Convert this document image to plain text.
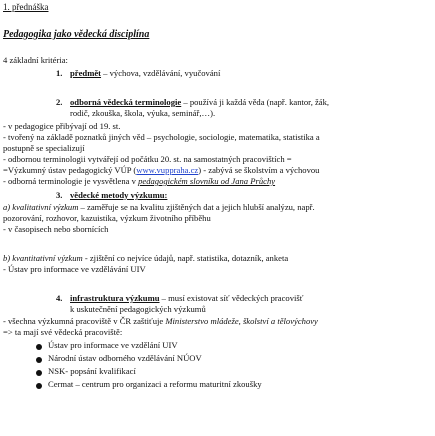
1. přednáška
Pedagogika jako vědecká disciplína
4 základní kritéria:
1. předmět – výchova, vzdělávání, vyučování
2. odborná vědecká terminologie – používá ji každá věda (např. kantor, žák,
rodič, zkouška, škola, výuka, seminář,…).
- v pedagogice přibývají od 19. st.
- tvořený na základě poznatků jiných věd – psychologie, sociologie, matematika, statistika a
postupně se specializují
- odbornou terminologii vytvářejí od počátku 20. st. na samostatných pracovištích =
=Výzkumný ústav pedagogický VÚP (www.vuppraha.cz) - zabývá se školstvím a výchovou
- odborná terminologie je vysvětlena v pedagogickém slovníku od Jana Průchy
3. vědecké metody výzkumu:
a) kvalitativní výzkum – zaměřuje se na kvalitu zjištěných dat a jejich hlubší analýzu, např.
pozorování, rozhovor, kazuistika, výzkum životního příběhu
- v časopisech nebo sbornících
b) kvantitativní výzkum - zjištění co nejvíce údajů, např. statistika, dotazník, anketa
- Ústav pro informace ve vzdělávání UIV
4. infrastruktura výzkumu – musí existovat síť vědeckých pracovišť
k uskutečnění pedagogických výzkumů
- všechna výzkumná pracoviště v ČR zaštiťuje Ministerstvo mládeže, školství a tělovýchovy
=> ta mají své vědecká pracoviště:
Ústav pro informace ve vzdělání UIV
Národní ústav odborného vzdělávání NÚOV
NSK- popsání kvalifikací
Cermat – centrum pro organizaci a reformu maturitní zkoušky
